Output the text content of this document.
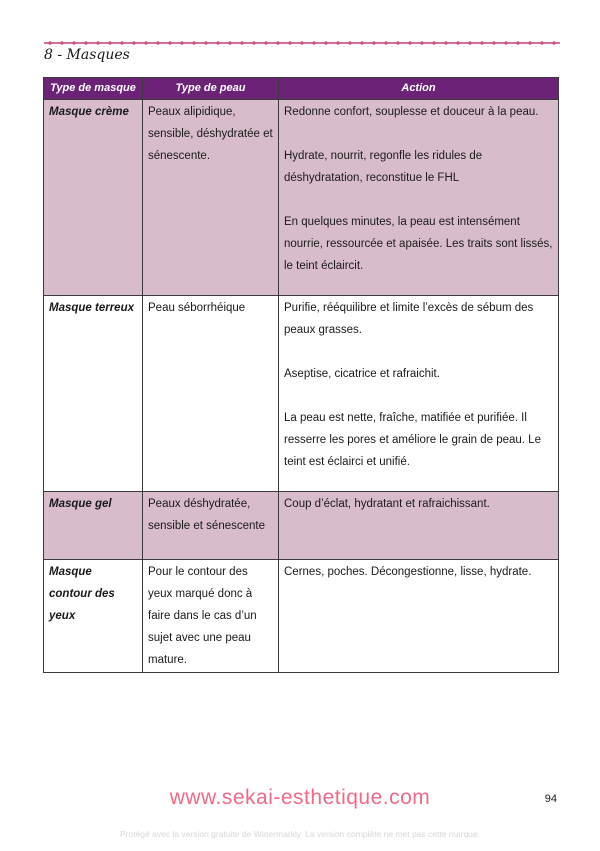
8 - Masques
Type de masque	Type de peau	Action
Masque crème	Peaux alipidique, sensible, déshydratée et sénescente.	Redonne confort, souplesse et douceur à la peau.
Hydrate, nourrit, regonfle les ridules de déshydratation, reconstitue le FHL
En quelques minutes, la peau est intensément nourrie, ressourcée et apaisée. Les traits sont lissés, le teint éclaircit.

Masque terreux	Peau séborrhéique	Purifie, rééquilibre et limite l’excès de sébum des peaux grasses.
Aseptise, cicatrice et rafraichit.
La peau est nette, fraîche, matifiée et purifiée. Il resserre les pores et améliore le grain de peau. Le teint est éclairci et unifié.

Masque gel	Peaux déshydratée, sensible et sénescente	Coup d’éclat, hydratant et rafraichissant.

Masque contour des yeux	Pour le contour des yeux marqué donc à faire dans le cas d’un sujet avec une peau mature.	Cernes, poches. Décongestionne, lisse, hydrate.
www.sekai-esthetique.com	94
Protégé avec la version gratuite de Watermarkly. La version complète ne met pas cette marque.
